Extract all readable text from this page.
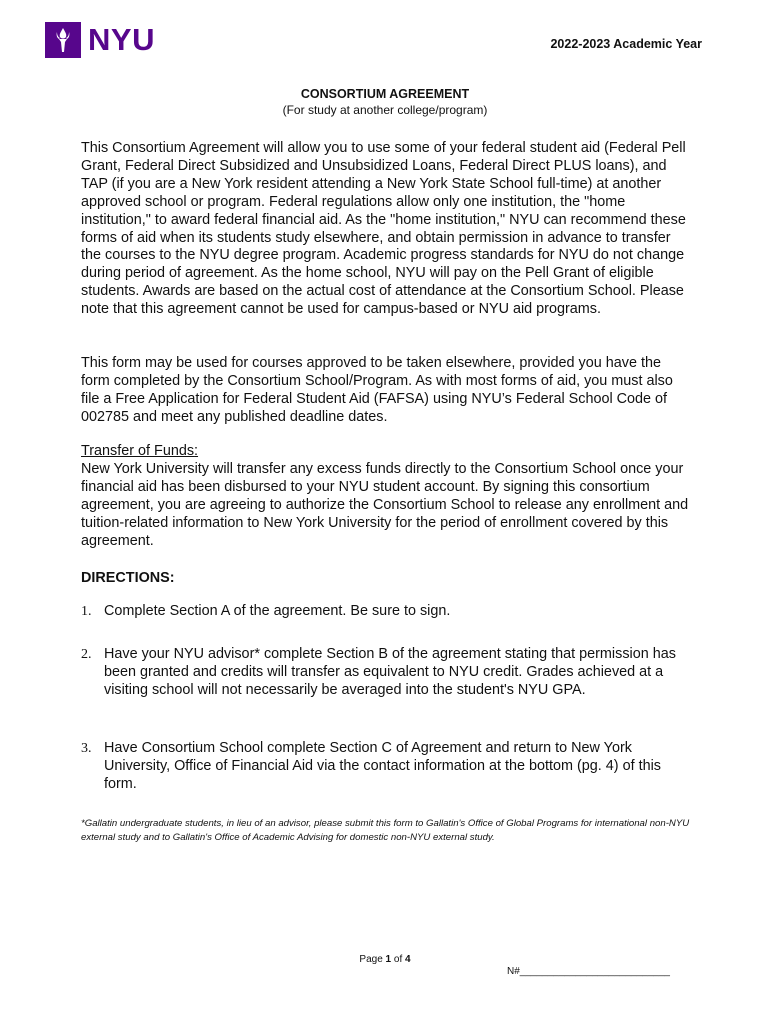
NYU	2022-2023 Academic Year
CONSORTIUM AGREEMENT
(For study at another college/program)

This Consortium Agreement will allow you to use some of your federal student aid (Federal Pell Grant, Federal Direct Subsidized and Unsubsidized Loans, Federal Direct PLUS loans), and TAP (if you are a New York resident attending a New York State School full-time) at another approved school or program. Federal regulations allow only one institution, the "home institution," to award federal financial aid. As the "home institution," NYU can recommend these forms of aid when its students study elsewhere, and obtain permission in advance to transfer the courses to the NYU degree program. Academic progress standards for NYU do not change during period of agreement. As the home school, NYU will pay on the Pell Grant of eligible students. Awards are based on the actual cost of attendance at the Consortium School. Please note that this agreement cannot be used for campus-based or NYU aid programs.

This form may be used for courses approved to be taken elsewhere, provided you have the form completed by the Consortium School/Program. As with most forms of aid, you must also file a Free Application for Federal Student Aid (FAFSA) using NYU’s Federal School Code of 002785 and meet any published deadline dates.

Transfer of Funds:

New York University will transfer any excess funds directly to the Consortium School once your financial aid has been disbursed to your NYU student account. By signing this consortium agreement, you are agreeing to authorize the Consortium School to release any enrollment and tuition-related information to New York University for the period of enrollment covered by this agreement.

DIRECTIONS:
1. Complete Section A of the agreement. Be sure to sign.
2. Have your NYU advisor* complete Section B of the agreement stating that permission has been granted and credits will transfer as equivalent to NYU credit. Grades achieved at a visiting school will not necessarily be averaged into the student's NYU GPA.
3. Have Consortium School complete Section C of Agreement and return to New York University, Office of Financial Aid via the contact information at the bottom (pg. 4) of this form.
*Gallatin undergraduate students, in lieu of an advisor, please submit this form to Gallatin's Office of Global Programs for international non-NYU external study and to Gallatin's Office of Academic Advising for domestic non-NYU external study.
Page 1 of 4
N#___________________________
